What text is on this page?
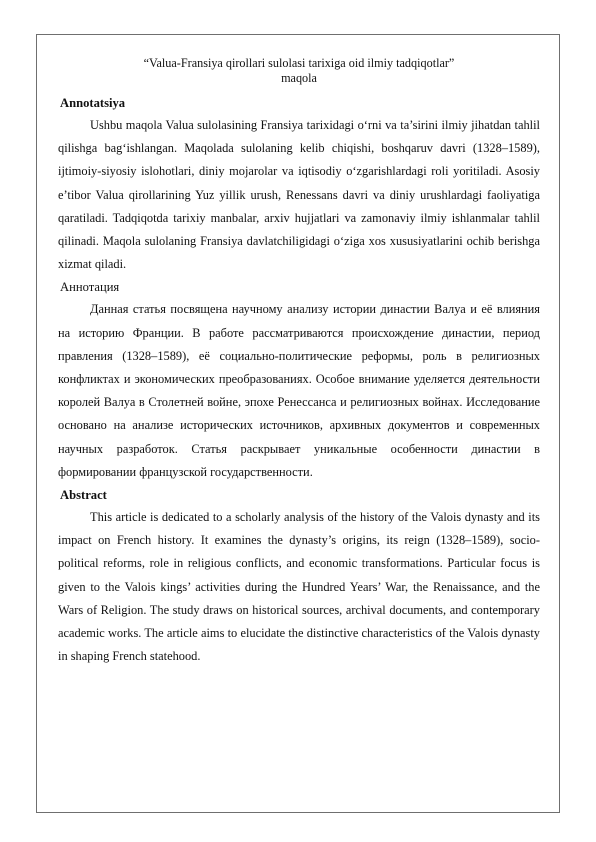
“Valua-Fransiya qirollari sulolasi tarixiga oid ilmiy tadqiqotlar”

maqola

Annotatsiya

Ushbu maqola Valua sulolasining Fransiya tarixidagi o‘rni va ta’sirini ilmiy jihatdan tahlil qilishga bag‘ishlangan. Maqolada sulolaning kelib chiqishi, boshqaruv davri (1328–1589), ijtimoiy-siyosiy islohotlari, diniy mojarolar va iqtisodiy o‘zgarishlardagi roli yoritiladi. Asosiy e’tibor Valua qirollarining Yuz yillik urush, Renessans davri va diniy urushlardagi faoliyatiga qaratiladi. Tadqiqotda tarixiy manbalar, arxiv hujjatlari va zamonaviy ilmiy ishlanmalar tahlil qilinadi. Maqola sulolaning Fransiya davlatchiligidagi o‘ziga xos xususiyatlarini ochib berishga xizmat qiladi.

Аннотация

Данная статья посвящена научному анализу истории династии Валуа и её влияния на историю Франции. В работе рассматриваются происхождение династии, период правления (1328–1589), её социально-политические реформы, роль в религиозных конфликтах и экономических преобразованиях. Особое внимание уделяется деятельности королей Валуа в Столетней войне, эпохе Ренессанса и религиозных войнах. Исследование основано на анализе исторических источников, архивных документов и современных научных разработок. Статья раскрывает уникальные особенности династии в формировании французской государственности.

Abstract

This article is dedicated to a scholarly analysis of the history of the Valois dynasty and its impact on French history. It examines the dynasty’s origins, its reign (1328–1589), socio-political reforms, role in religious conflicts, and economic transformations. Particular focus is given to the Valois kings’ activities during the Hundred Years’ War, the Renaissance, and the Wars of Religion. The study draws on historical sources, archival documents, and contemporary academic works. The article aims to elucidate the distinctive characteristics of the Valois dynasty in shaping French statehood.
